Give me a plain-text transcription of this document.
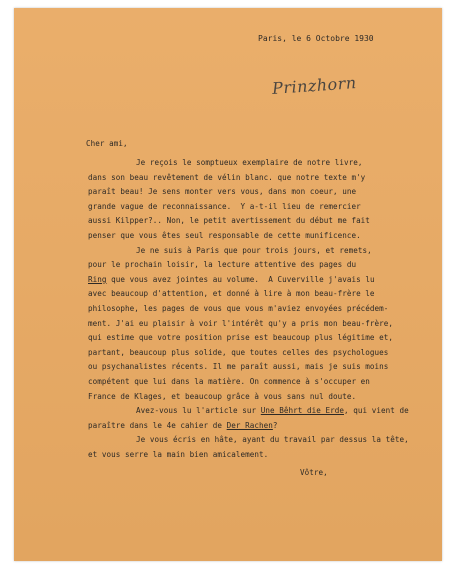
Paris, le 6 Octobre 1930
Prinzhorn
Cher ami,
Je reçois le somptueux exemplaire de notre livre,
dans son beau revêtement de vélin blanc. que notre texte m'y
paraît beau! Je sens monter vers vous, dans mon coeur, une
grande vague de reconnaissance.  Y a-t-il lieu de remercier
aussi Kilpper?.. Non, le petit avertissement du début me fait
penser que vous êtes seul responsable de cette munificence.
Je ne suis à Paris que pour trois jours, et remets,
pour le prochain loisir, la lecture attentive des pages du
Ring que vous avez jointes au volume.  A Cuverville j'avais lu
avec beaucoup d'attention, et donné à lire à mon beau-frère le
philosophe, les pages de vous que vous m'aviez envoyées précédem-
ment. J'ai eu plaisir à voir l'intérêt qu'y a pris mon beau-frère,
qui estime que votre position prise est beaucoup plus légitime et,
partant, beaucoup plus solide, que toutes celles des psychologues
ou psychanalistes récents. Il me paraît aussi, mais je suis moins
compétent que lui dans la matière. On commence à s'occuper en
France de Klages, et beaucoup grâce à vous sans nul doute.
Avez-vous lu l'article sur Une Bêhrt die Erde, qui vient de
paraître dans le 4e cahier de Der Rachen?
Je vous écris en hâte, ayant du travail par dessus la tête,
et vous serre la main bien amicalement.
Vôtre,
